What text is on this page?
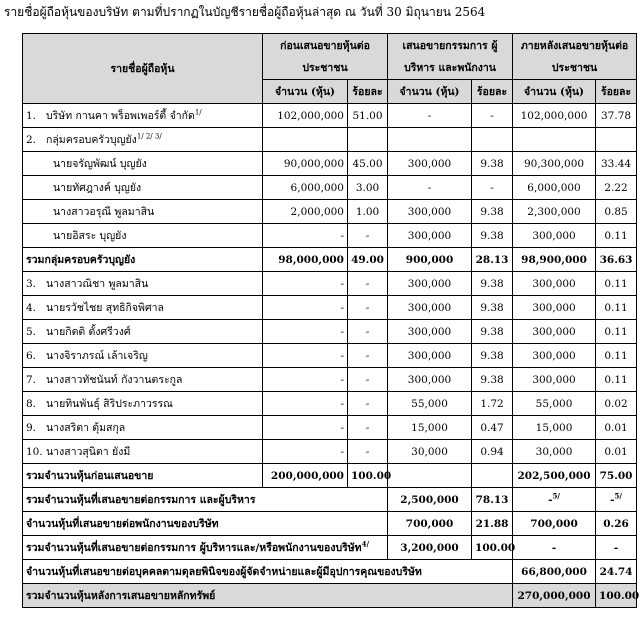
รายชื่อผู้ถือหุ้นของบริษัท ตามที่ปรากฏในบัญชีรายชื่อผู้ถือหุ้นล่าสุด ณ วันที่ 30 มิถุนายน 2564
รายชื่อผู้ถือหุ้น	ก่อนเสนอขายหุ้นต่อประชาชน		เสนอขายกรรมการ ผู้บริหาร และพนักงาน		ภายหลังเสนอขายหุ้นต่อประชาชน	
	จำนวน (หุ้น)	ร้อยละ	จำนวน (หุ้น)	ร้อยละ	จำนวน (หุ้น)	ร้อยละ
1. บริษัท กานคา พร็อพเพอร์ตี้ จำกัด$^{1/}$	102,000,000	51.00	-	-	102,000,000	37.78
2. กลุ่มครอบครัวบุญยัง$^{1/ 2/ 3/}$						
นายจรัญพัฒน์ บุญยัง	90,000,000	45.00	300,000	9.38	90,300,000	33.44
นายทัศฎางค์ บุญยัง	6,000,000	3.00	-	-	6,000,000	2.22
นางสาวอรุณี พูลมาสิน	2,000,000	1.00	300,000	9.38	2,300,000	0.85
นายอิสระ บุญยัง	-	-	300,000	9.38	300,000	0.11
รวมกลุ่มครอบครัวบุญยัง	98,000,000	49.00	900,000	28.13	98,900,000	36.63
3. นางสาวณิชา พูลมาสิน	-	-	300,000	9.38	300,000	0.11
4. นายรวัชไชย สุทธิกิจพิศาล	-	-	300,000	9.38	300,000	0.11
5. นายกิตติ ตั้งศรีวงศ์	-	-	300,000	9.38	300,000	0.11
6. นางจิราภรณ์ เล้าเจริญ	-	-	300,000	9.38	300,000	0.11
7. นางสาวทัชนันท์ กังวานตระกูล	-	-	300,000	9.38	300,000	0.11
8. นายทินพันธุ์ สิริประภาวรรณ	-	-	55,000	1.72	55,000	0.02
9. นางสริตา ตุ้มสกุล	-	-	15,000	0.47	15,000	0.01
10. นางสาวสุนิตา ยังมี	-	-	30,000	0.94	30,000	0.01
รวมจำนวนหุ้นก่อนเสนอขาย	200,000,000	100.00			202,500,000	75.00
รวมจำนวนหุ้นที่เสนอขายต่อกรรมการ และผู้บริหาร			2,500,000	78.13	-$^{5/}$	-$^{5/}$
จำนวนหุ้นที่เสนอขายต่อพนักงานของบริษัท			700,000	21.88	700,000	0.26
รวมจำนวนหุ้นที่เสนอขายต่อกรรมการ ผู้บริหารและ/หรือพนักงานของบริษัท$^{4/}$			3,200,000	100.00	-	-
จำนวนหุ้นที่เสนอขายต่อบุคคลตามดุลยพินิจของผู้จัดจำหน่ายและผู้มีอุปการคุณของบริษัท					66,800,000	24.74
รวมจำนวนหุ้นหลังการเสนอขายหลักทรัพย์					270,000,000	100.00
